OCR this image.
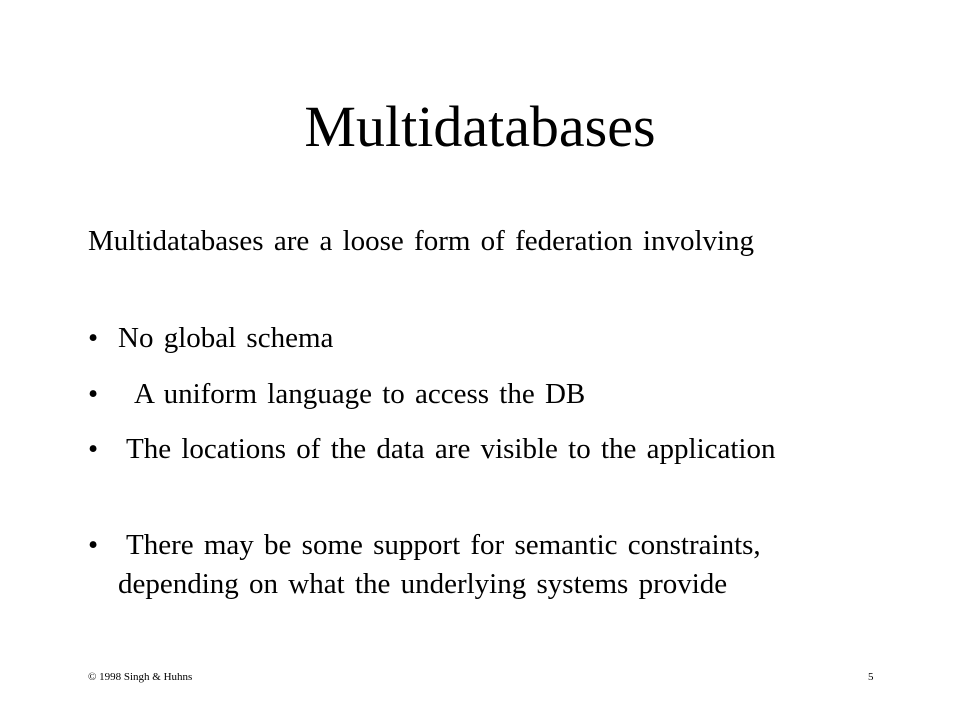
Multidatabases
Multidatabases are a loose form of federation involving
• No global schema
•	A uniform language to access the DB
• The locations of the data are visible to the application
• There may be some support for semantic constraints, depending on what the underlying systems provide
© 1998 Singh & Huhns	5
